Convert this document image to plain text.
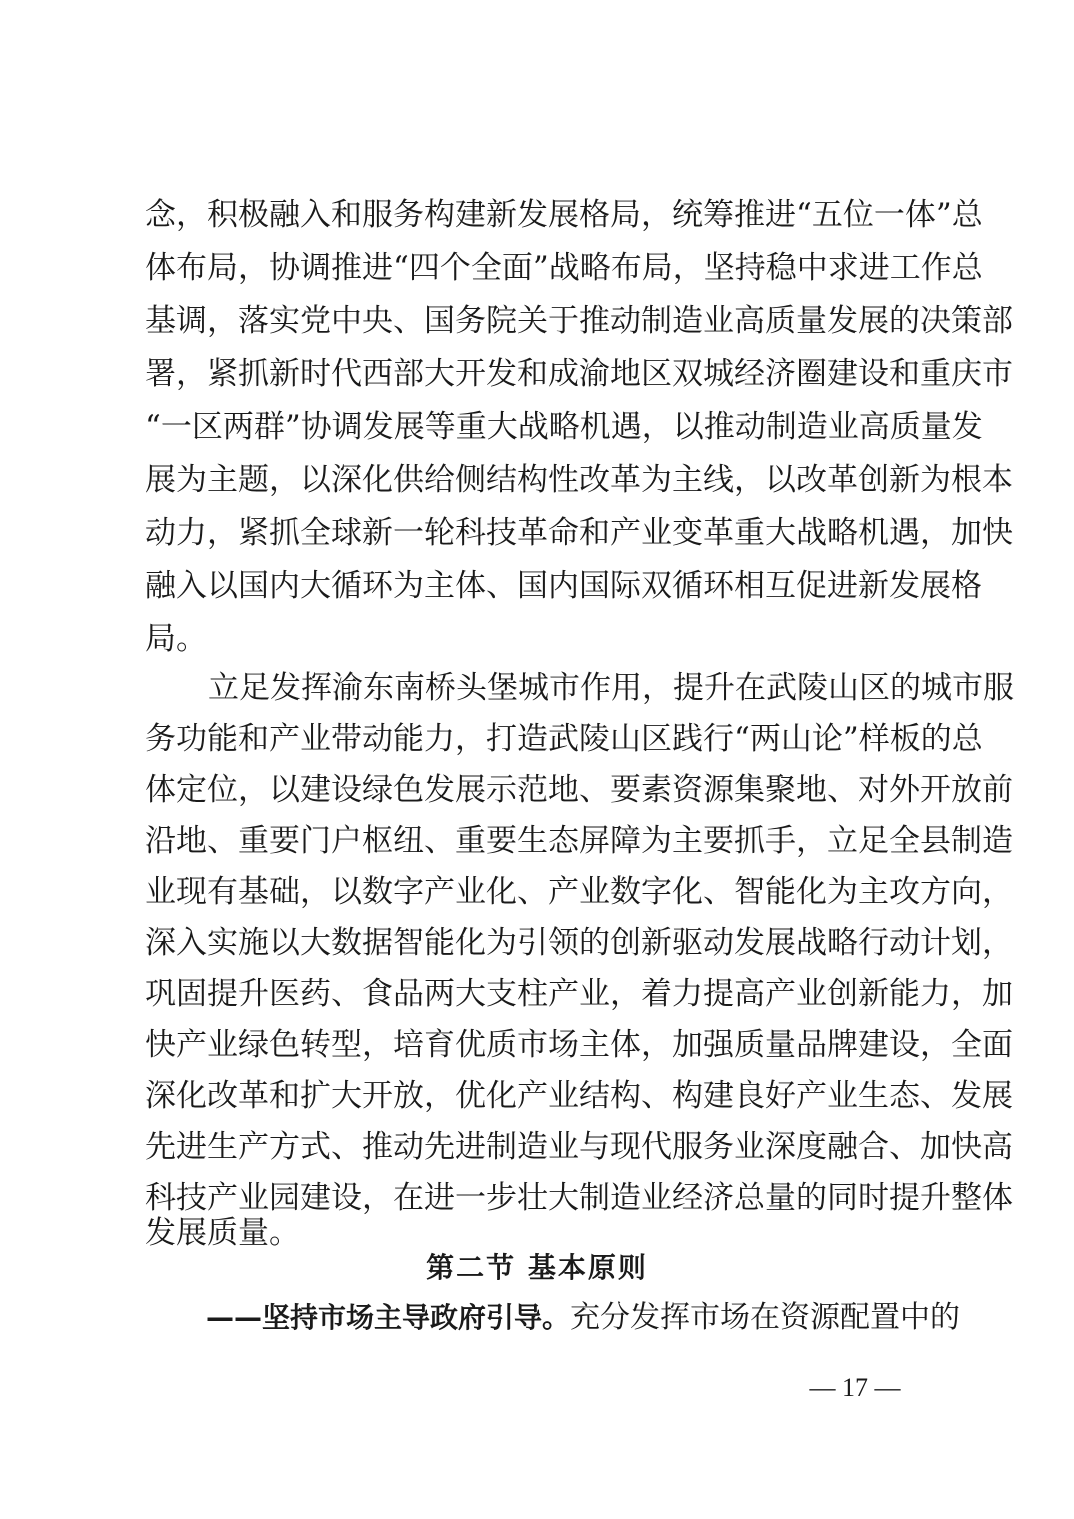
念，积极融入和服务构建新发展格局，统筹推进“五位一体”总
体布局，协调推进“四个全面”战略布局，坚持稳中求进工作总
基调，落实党中央、国务院关于推动制造业高质量发展的决策部
署，紧抓新时代西部大开发和成渝地区双城经济圈建设和重庆市
“一区两群”协调发展等重大战略机遇，以推动制造业高质量发
展为主题，以深化供给侧结构性改革为主线，以改革创新为根本
动力，紧抓全球新一轮科技革命和产业变革重大战略机遇，加快
融入以国内大循环为主体、国内国际双循环相互促进新发展格
局。
立足发挥渝东南桥头堡城市作用，提升在武陵山区的城市服
务功能和产业带动能力，打造武陵山区践行“两山论”样板的总
体定位，以建设绿色发展示范地、要素资源集聚地、对外开放前
沿地、重要门户枢纽、重要生态屏障为主要抓手，立足全县制造
业现有基础，以数字产业化、产业数字化、智能化为主攻方向，
深入实施以大数据智能化为引领的创新驱动发展战略行动计划，
巩固提升医药、食品两大支柱产业，着力提高产业创新能力，加
快产业绿色转型，培育优质市场主体，加强质量品牌建设，全面
深化改革和扩大开放，优化产业结构、构建良好产业生态、发展
先进生产方式、推动先进制造业与现代服务业深度融合、加快高
科技产业园建设，在进一步壮大制造业经济总量的同时提升整体
第二节 基本原则
——坚持市场主导政府引导。 充分发挥市场在资源配置中的
— 17 —
发展质量。
